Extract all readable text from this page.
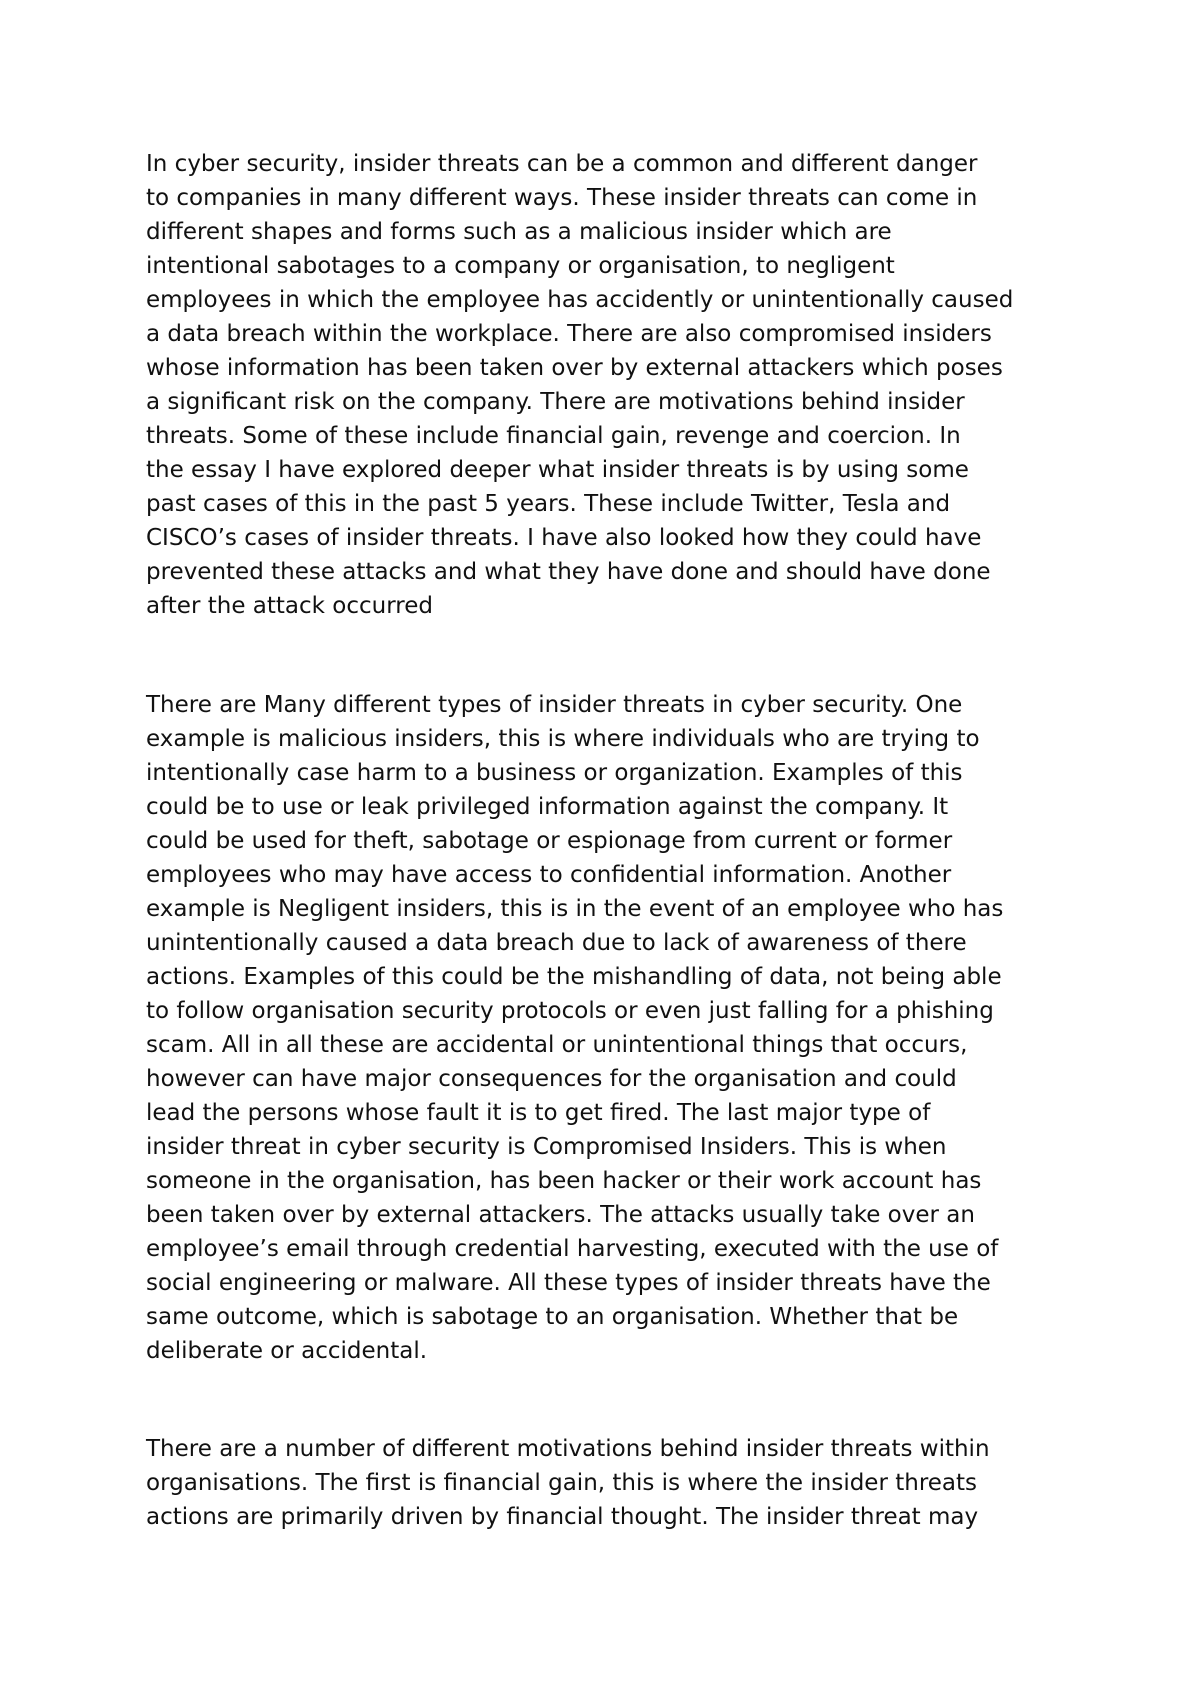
In cyber security, insider threats can be a common and different danger
to companies in many different ways. These insider threats can come in
different shapes and forms such as a malicious insider which are
intentional sabotages to a company or organisation, to negligent
employees in which the employee has accidently or unintentionally caused
a data breach within the workplace. There are also compromised insiders
whose information has been taken over by external attackers which poses
a significant risk on the company. There are motivations behind insider
threats. Some of these include financial gain, revenge and coercion. In
the essay I have explored deeper what insider threats is by using some
past cases of this in the past 5 years. These include Twitter, Tesla and
CISCO’s cases of insider threats. I have also looked how they could have
prevented these attacks and what they have done and should have done
after the attack occurred

There are Many different types of insider threats in cyber security. One
example is malicious insiders, this is where individuals who are trying to
intentionally case harm to a business or organization. Examples of this
could be to use or leak privileged information against the company. It
could be used for theft, sabotage or espionage from current or former
employees who may have access to confidential information. Another
example is Negligent insiders, this is in the event of an employee who has
unintentionally caused a data breach due to lack of awareness of there
actions. Examples of this could be the mishandling of data, not being able
to follow organisation security protocols or even just falling for a phishing
scam. All in all these are accidental or unintentional things that occurs,
however can have major consequences for the organisation and could
lead the persons whose fault it is to get fired. The last major type of
insider threat in cyber security is Compromised Insiders. This is when
someone in the organisation, has been hacker or their work account has
been taken over by external attackers. The attacks usually take over an
employee’s email through credential harvesting, executed with the use of
social engineering or malware. All these types of insider threats have the
same outcome, which is sabotage to an organisation. Whether that be
deliberate or accidental.

There are a number of different motivations behind insider threats within
organisations. The first is financial gain, this is where the insider threats
actions are primarily driven by financial thought. The insider threat may
